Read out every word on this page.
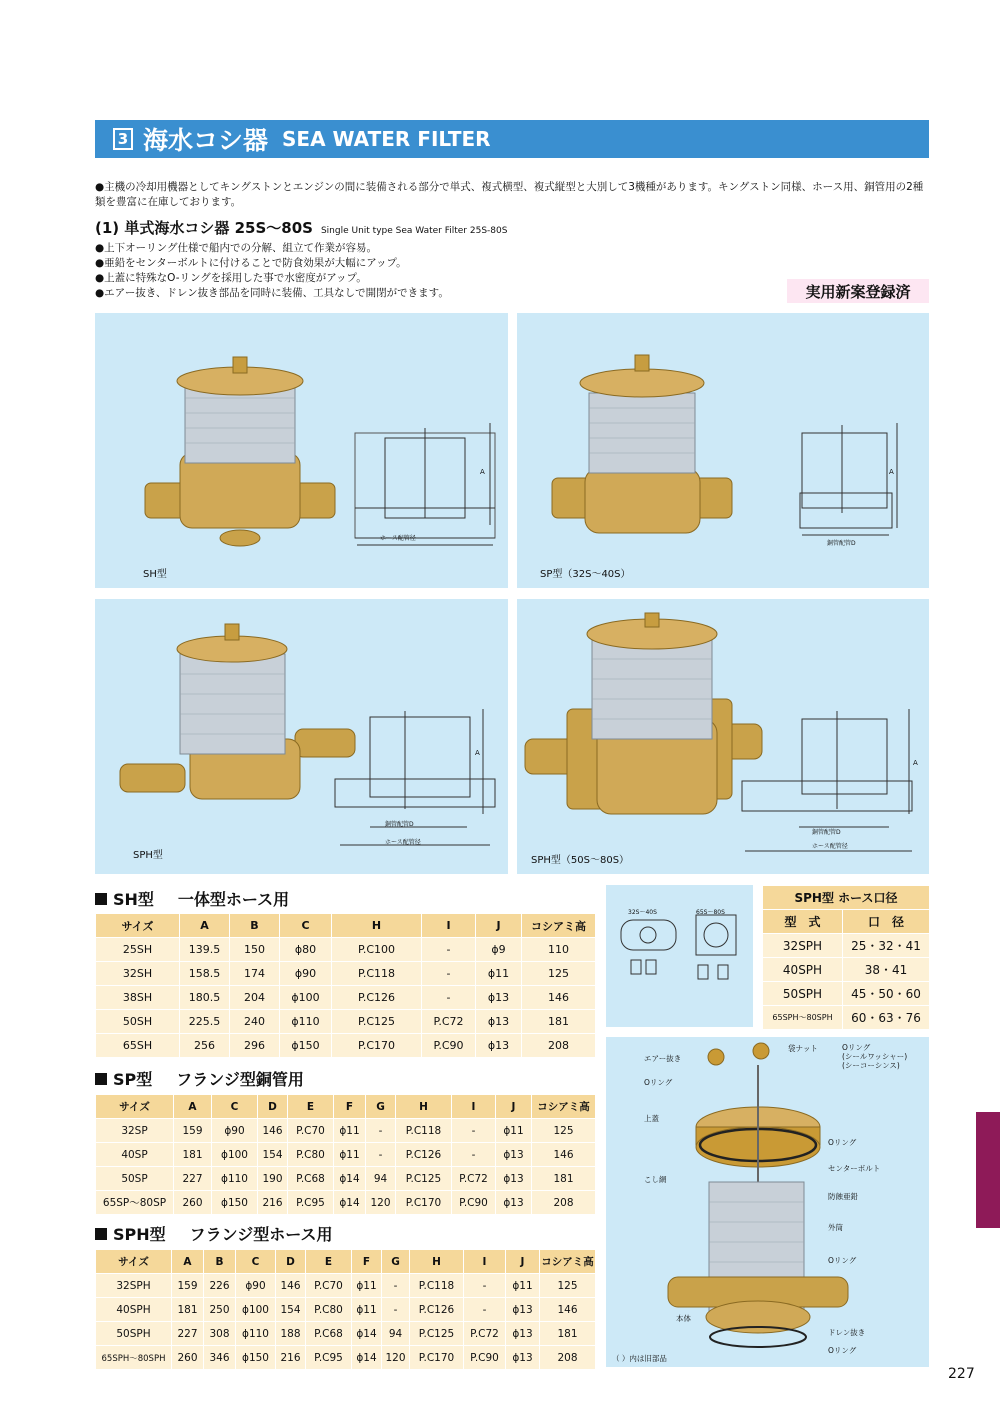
3 海水コシ器 SEA WATER FILTER

●主機の冷却用機器としてキングストンとエンジンの間に装備される部分で単式、複式横型、複式縦型と大別して3機種があります。キングストン同様、ホース用、銅管用の2種類を豊富に在庫しております。

(1) 単式海水コシ器 25S〜80S Single Unit type Sea Water Filter 25S-80S
●上下オーリング仕様で船内での分解、組立て作業が容易。
●亜鉛をセンターボルトに付けることで防食効果が大幅にアップ。
●上蓋に特殊なO-リングを採用した事で水密度がアップ。
●エアー抜き、ドレン抜き部品を同時に装備、工具なしで開閉ができます。	実用新案登録済
ホース配管径
A
SH型
銅管配管D
A
SP型（32S〜40S）
銅管配管D
ホース配管径
A
SPH型
銅管配管D
ホース配管径
A
SPH型（50S〜80S）
SH型 一体型ホース用
サイズ	A	B	C	H	I	J	コシアミ高
25SH	139.5	150	ϕ80	P.C100	-	ϕ9	110
32SH	158.5	174	ϕ90	P.C118	-	ϕ11	125
38SH	180.5	204	ϕ100	P.C126	-	ϕ13	146
50SH	225.5	240	ϕ110	P.C125	P.C72	ϕ13	181
65SH	256	296	ϕ150	P.C170	P.C90	ϕ13	208
SP型 フランジ型銅管用
サイズ	A	C	D	E	F	G	H	I	J	コシアミ高
32SP	159	ϕ90	146	P.C70	ϕ11	-	P.C118	-	ϕ11	125
40SP	181	ϕ100	154	P.C80	ϕ11	-	P.C126	-	ϕ13	146
50SP	227	ϕ110	190	P.C68	ϕ14	94	P.C125	P.C72	ϕ13	181
65SP〜80SP	260	ϕ150	216	P.C95	ϕ14	120	P.C170	P.C90	ϕ13	208
SPH型 フランジ型ホース用
サイズ	A	B	C	D	E	F	G	H	I	J	コシアミ高
32SPH	159	226	ϕ90	146	P.C70	ϕ11	-	P.C118	-	ϕ11	125
40SPH	181	250	ϕ100	154	P.C80	ϕ11	-	P.C126	-	ϕ13	146
50SPH	227	308	ϕ110	188	P.C68	ϕ14	94	P.C125	P.C72	ϕ13	181
65SPH〜80SPH	260	346	ϕ150	216	P.C95	ϕ14	120	P.C170	P.C90	ϕ13	208
32S〜40S	65S〜80S
SPH型 ホース口径	
型　式	口　径
32SPH	25・32・41
40SPH	38・41
50SPH	45・50・60
65SPH〜80SPH	60・63・76
エアー抜き
Oリング
袋ナット	Oリング
(シールワッシャー)
(シーコーシンス)
上蓋
Oリング
センターボルト
こし網
防蝕亜鉛
外筒
Oリング
本体
ドレン抜き
Oリング
（ ）内は旧部品
227
